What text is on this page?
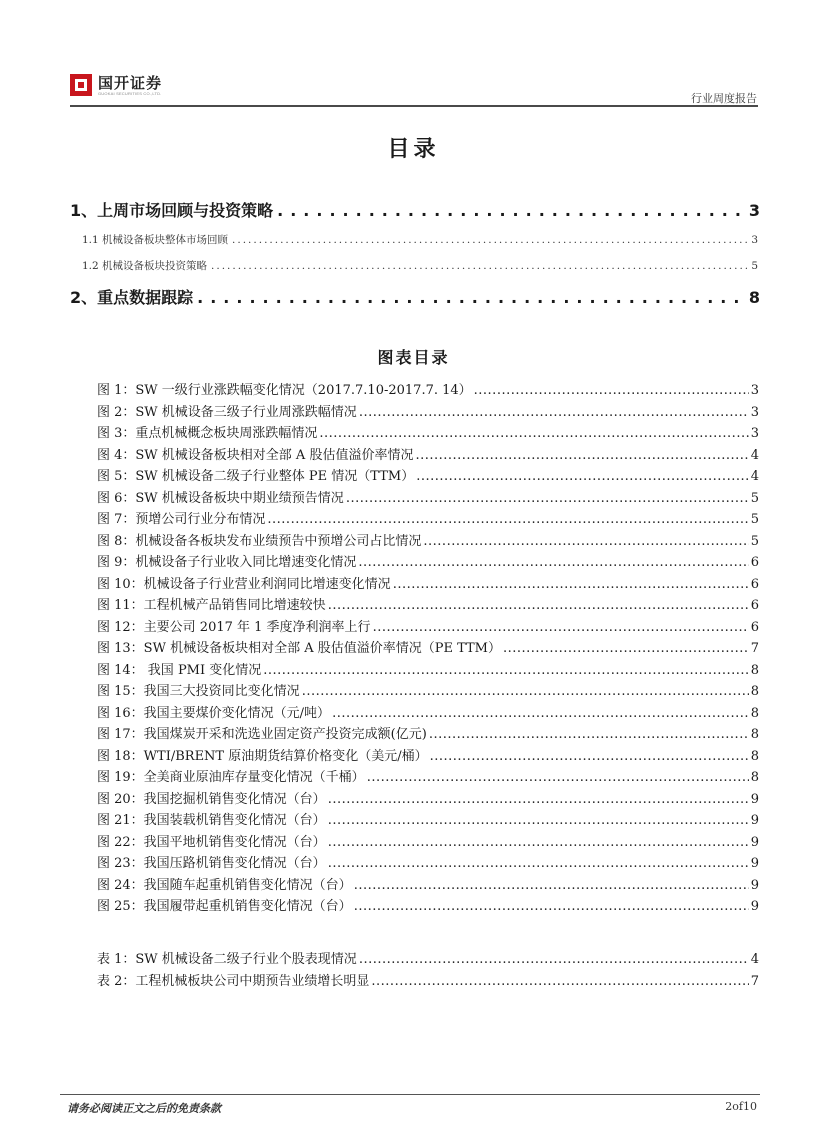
国开证券
GUOKAI SECURITIES CO.,LTD.	行业周度报告
目录
1、上周市场回顾与投资策略 .....	3
1.1 机械设备板块整体市场回顾 .....	3
1.2 机械设备板块投资策略 .....	5
2、重点数据跟踪 .....	8
图表目录
图 1：SW 一级行业涨跌幅变化情况（2017.7.10-2017.7. 14） .....	3
图 2：SW 机械设备三级子行业周涨跌幅情况 .....	3
图 3：重点机械概念板块周涨跌幅情况 .....	3
图 4：SW 机械设备板块相对全部 A 股估值溢价率情况 .....	4
图 5：SW 机械设备二级子行业整体 PE 情况（TTM） .....	4
图 6：SW 机械设备板块中期业绩预告情况 .....	5
图 7：预增公司行业分布情况 .....	5
图 8：机械设备各板块发布业绩预告中预增公司占比情况 .....	5
图 9：机械设备子行业收入同比增速变化情况 .....	6
图 10：机械设备子行业营业利润同比增速变化情况 .....	6
图 11：工程机械产品销售同比增速较快 .....	6
图 12：主要公司 2017 年 1 季度净利润率上行 .....	6
图 13：SW 机械设备板块相对全部 A 股估值溢价率情况（PE TTM） .....	7
图 14： 我国 PMI 变化情况 .....	8
图 15：我国三大投资同比变化情况 .....	8
图 16：我国主要煤价变化情况（元/吨） .....	8
图 17：我国煤炭开采和洗选业固定资产投资完成额(亿元) .....	8
图 18：WTI/BRENT 原油期货结算价格变化（美元/桶） .....	8
图 19：全美商业原油库存量变化情况（千桶） .....	8
图 20：我国挖掘机销售变化情况（台） .....	9
图 21：我国装载机销售变化情况（台） .....	9
图 22：我国平地机销售变化情况（台） .....	9
图 23：我国压路机销售变化情况（台） .....	9
图 24：我国随车起重机销售变化情况（台） .....	9
图 25：我国履带起重机销售变化情况（台） .....	9
表 1：SW 机械设备二级子行业个股表现情况 .....	4
表 2：工程机械板块公司中期预告业绩增长明显 .....	7
请务必阅读正文之后的免责条款	2of10
